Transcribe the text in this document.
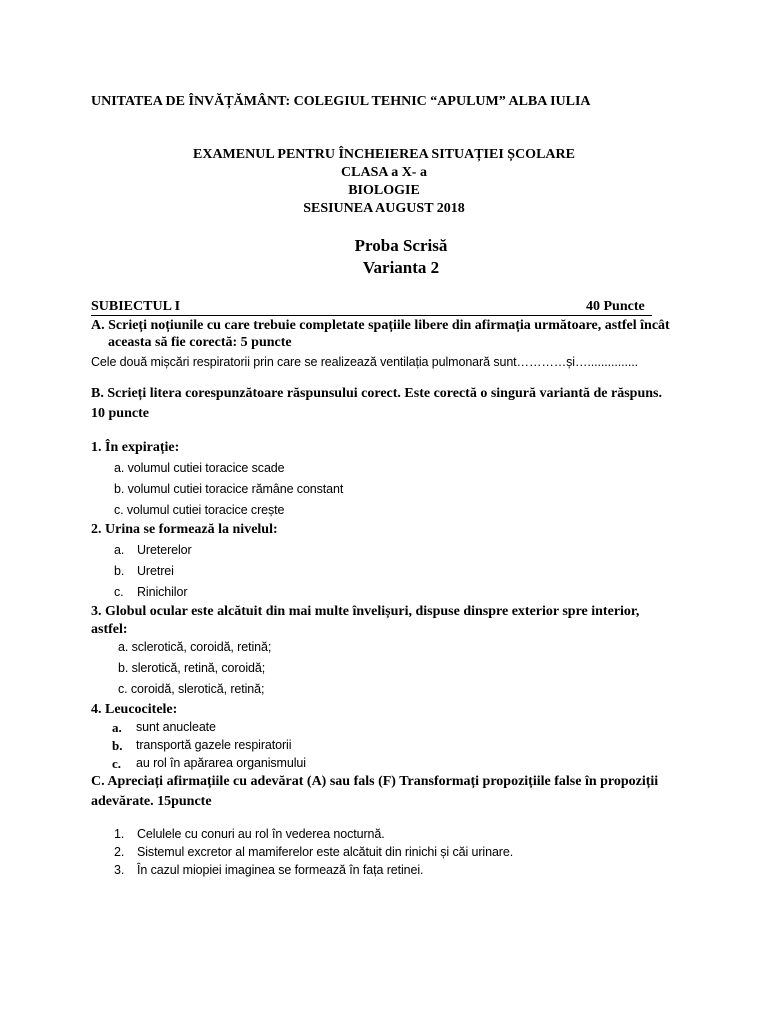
UNITATEA DE ÎNVĂȚĂMÂNT: COLEGIUL TEHNIC “APULUM” ALBA IULIA
EXAMENUL PENTRU ÎNCHEIEREA SITUAȚIEI ȘCOLARE
CLASA a X- a
BIOLOGIE
SESIUNEA AUGUST 2018
Proba Scrisă
Varianta 2
SUBIECTUL I	40 Puncte
A. Scrieți noțiunile cu care trebuie completate spațiile libere din afirmația următoare, astfel încât
aceasta să fie corectă: 5 puncte
Cele două mișcări respiratorii prin care se realizează ventilația pulmonară sunt…………și…...............
B. Scrieți litera corespunzătoare răspunsului corect. Este corectă o singură variantă de răspuns.
10 puncte
1. În expirație:
a. volumul cutiei toracice scade
b. volumul cutiei toracice rămâne constant
c. volumul cutiei toracice crește
2. Urina se formează la nivelul:
a. Ureterelor
b. Uretrei
c. Rinichilor
3. Globul ocular este alcătuit din mai multe învelișuri, dispuse dinspre exterior spre interior,
astfel:
a. sclerotică, coroidă, retină;
b. slerotică, retină, coroidă;
c. coroidă, slerotică, retină;
4. Leucocitele:
a. sunt anucleate
b. transportă gazele respiratorii
c. au rol în apărarea organismului
C. Apreciați afirmațiile cu adevărat (A) sau fals (F) Transformați propozițiile false în propoziții
adevărate. 15puncte
1. Celulele cu conuri au rol în vederea nocturnă.
2. Sistemul excretor al mamiferelor este alcătuit din rinichi și căi urinare.
3. În cazul miopiei imaginea se formează în fața retinei.
